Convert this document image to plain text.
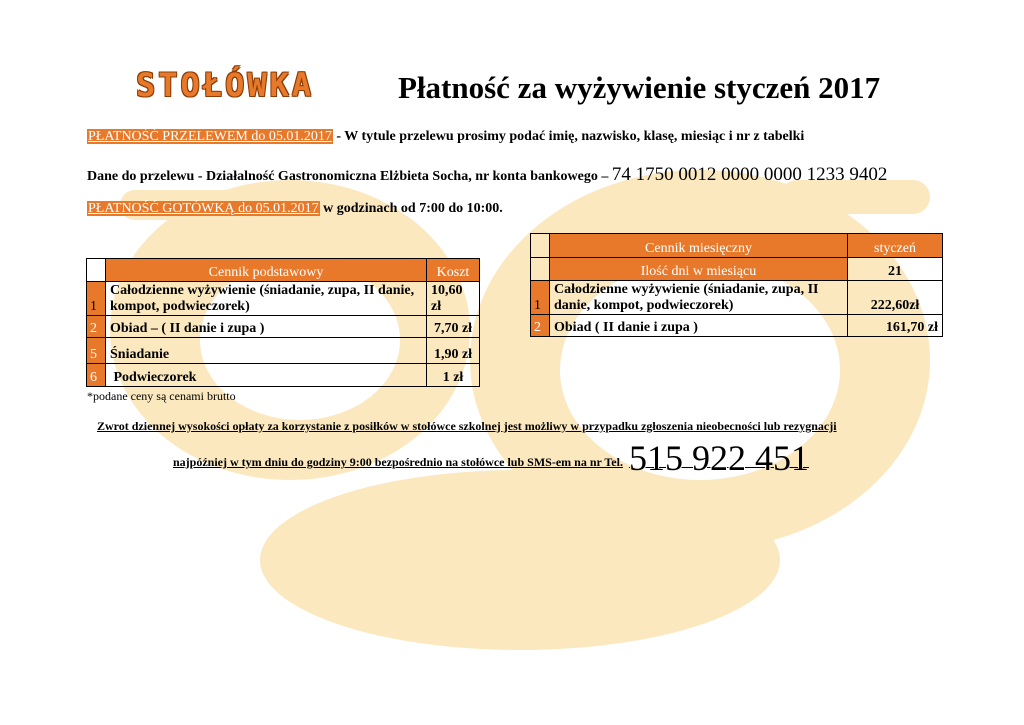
STOŁÓWKA	Płatność za wyżywienie styczeń 2017
PŁATNOŚĆ PRZELEWEM do 05.01.2017 - W tytule przelewu prosimy podać imię, nazwisko, klasę, miesiąc i nr z tabelki
Dane do przelewu - Działalność Gastronomiczna Elżbieta Socha, nr konta bankowego – 74 1750 0012 0000 0000 1233 9402
PŁATNOŚĆ GOTÓWKĄ do 05.01.2017 w godzinach od 7:00 do 10:00.
	Cennik podstawowy	Koszt
1	Całodzienne wyżywienie (śniadanie, zupa, II danie, kompot, podwieczorek)	10,60 zł
2	Obiad – ( II danie i zupa )	7,70 zł
5	Śniadanie	1,90 zł
6	Podwieczorek	1 zł
*podane ceny są cenami brutto
	Cennik miesięczny	styczeń
	Ilość dni w miesiącu	21
1	Całodzienne wyżywienie (śniadanie, zupa, II danie, kompot, podwieczorek)	222,60zł
2	Obiad ( II danie i zupa )	161,70 zł
Zwrot dziennej wysokości opłaty za korzystanie z posiłków w stołówce szkolnej jest możliwy w przypadku zgłoszenia nieobecności lub rezygnacji
najpóźniej w tym dniu do godziny 9:00 bezpośrednio na stołówce lub SMS-em na nr Tel. 515 922 451
